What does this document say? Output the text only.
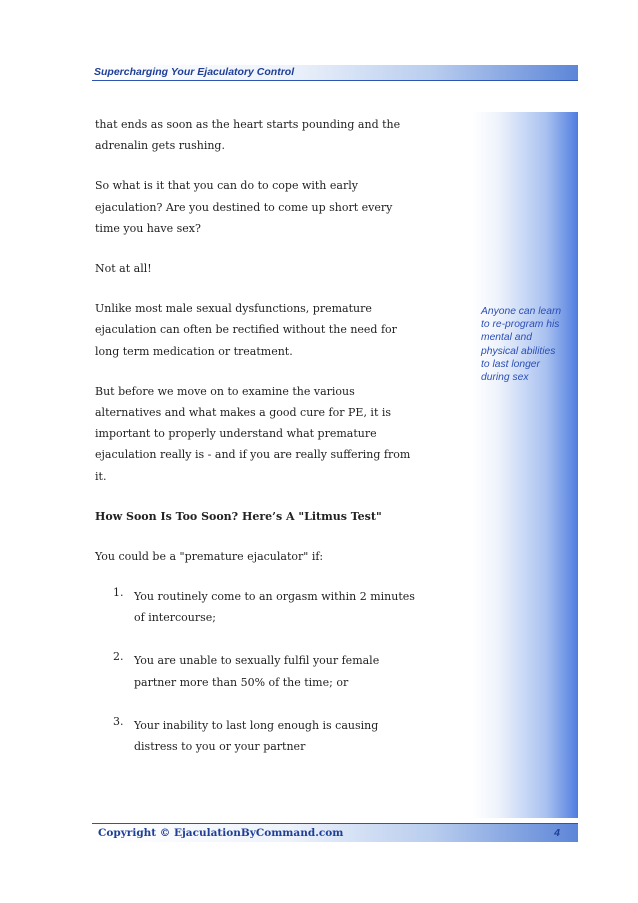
Supercharging Your Ejaculatory Control
Anyone can learn
to re-program his
mental and
physical abilities
to last longer
during sex

that ends as soon as the heart starts pounding and the

adrenalin gets rushing.

So what is it that you can do to cope with early

ejaculation? Are you destined to come up short every

time you have sex?

Not at all!

Unlike most male sexual dysfunctions, premature

ejaculation can often be rectified without the need for

long term medication or treatment.

But before we move on to examine the various

alternatives and what makes a good cure for PE, it is

important to properly understand what premature

ejaculation really is - and if you are really suffering from

it.

How Soon Is Too Soon? Here’s A "Litmus Test"

You could be a "premature ejaculator" if:

1. You routinely come to an orgasm within 2 minutes

of intercourse;

2. You are unable to sexually fulfil your female

partner more than 50% of the time; or

3. Your inability to last long enough is causing

distress to you or your partner

Copyright © EjaculationByCommand.com	4
